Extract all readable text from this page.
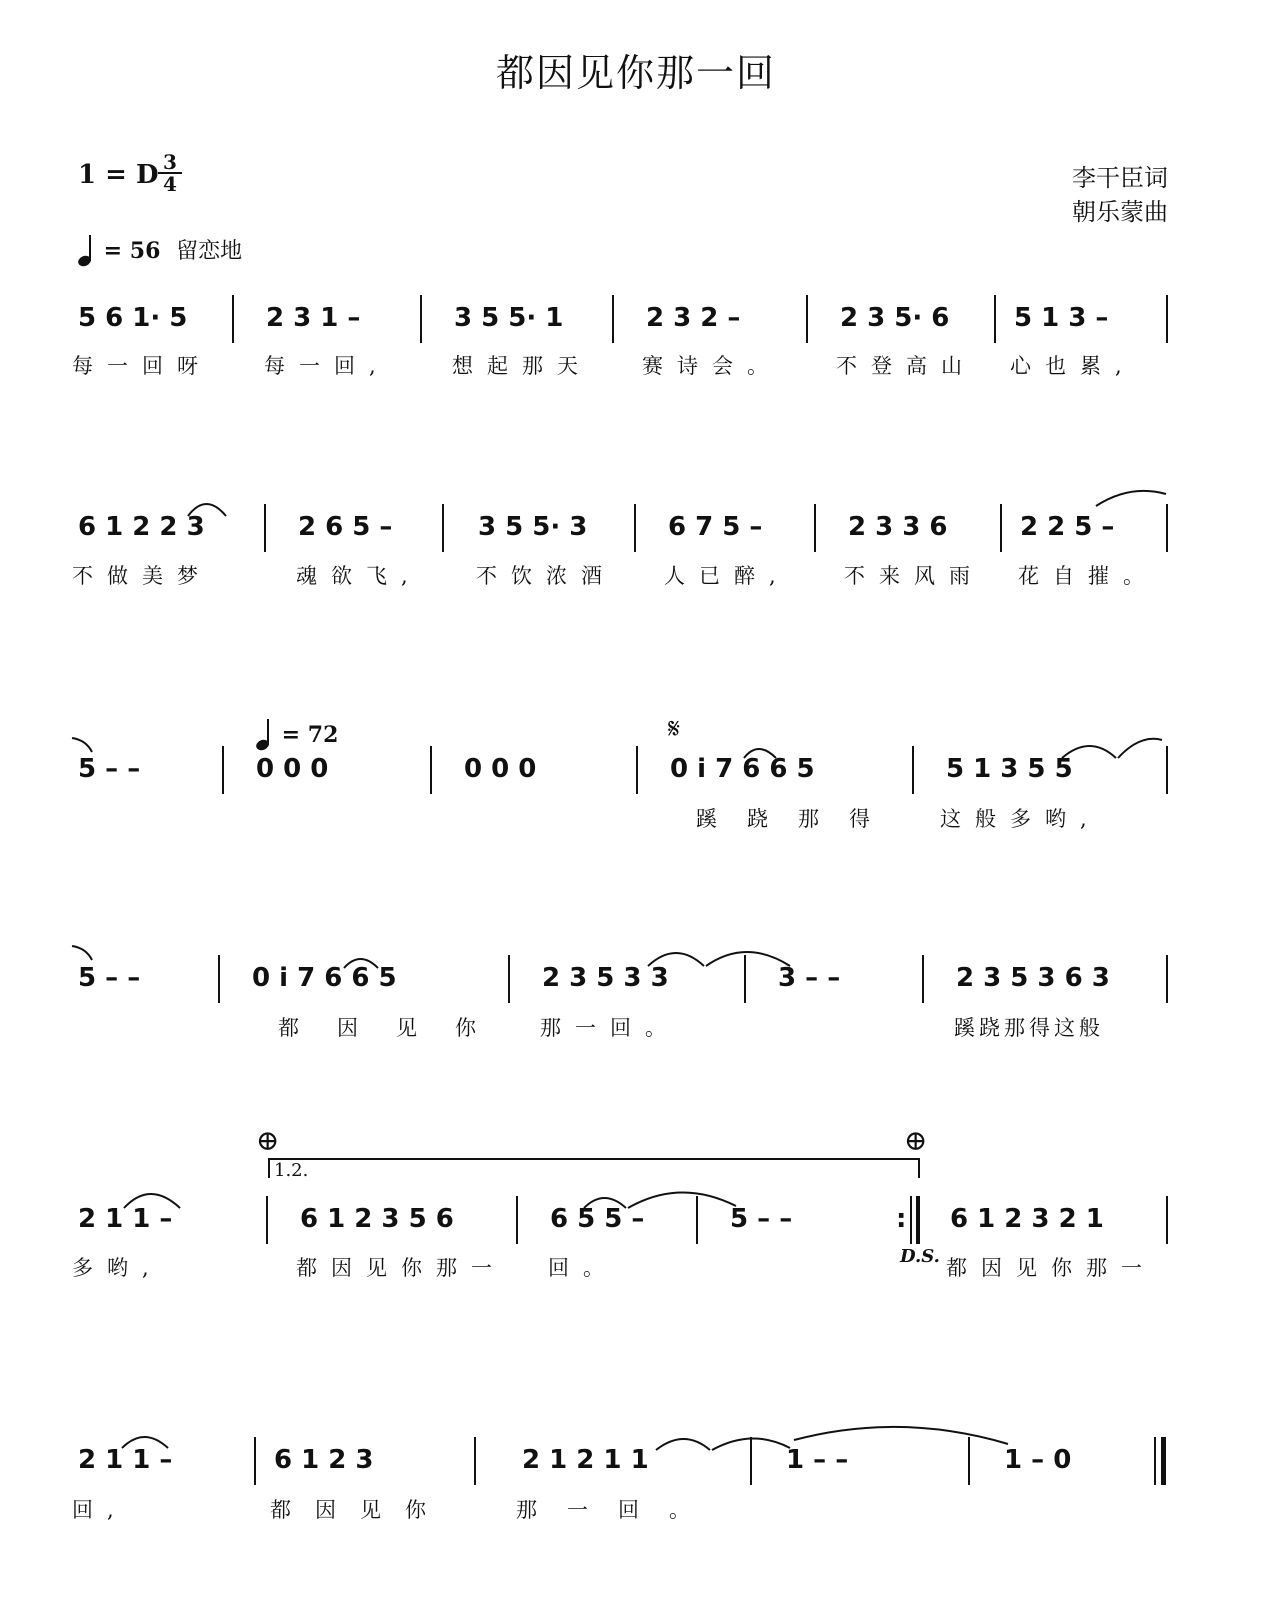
都因见你那一回
1 = D $\frac{3}{4}$	李干臣词
朝乐蒙曲
= 56 留恋地
= 72
5 6 1· 5	2 3 1 –	3 5 5· 1	2 3 2 –	2 3 5· 6 5 1 3 –
每一回呀 每一回,	想起那天 赛诗会。	不登高山 心也累,
6 1 2 2 3	2 6 5 –	3 5 5· 3	6 7 5 –	2 3 3 6	2 2 5 –
不做美梦	魂欲飞,	不饮浓酒 人已醉,	不来风雨 花自摧。
𝄋
5 – –	0 0 0	0 0 0	0 i 7 6 6 5	5 1 3 5 5
蹊跷那得 这般多哟,
5 – –	0 i 7 6 6 5	2 3 5 3 3	3 – –	2 3 5 3 6 3
都因见你 那一回。	蹊跷那得这般
⊕	⊕
1.2.
2 1 1 –	6 1 2 3 5 6	6 5 5 –	5 – –	: 6 1 2 3 2 1
多哟,	都因见你那一 回。	D.S. 都因见你那一
2 1 1 –	6 1 2 3	2 1 2 1 1	1 – –	1 – 0
回,	都因见你	那一回。
